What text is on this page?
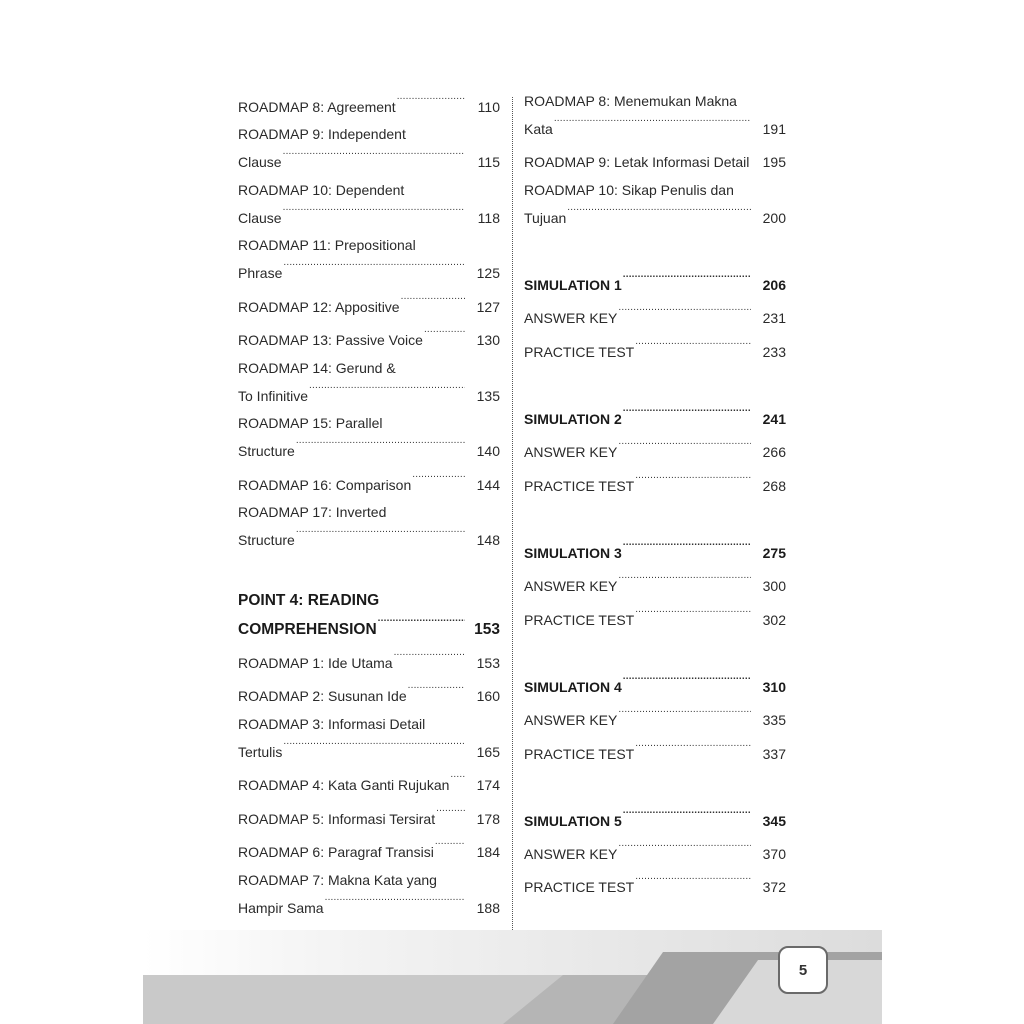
ROADMAP 8: Agreement .....	110
ROADMAP 9: Independent
Clause .....	115
ROADMAP 10: Dependent
Clause .....	118
ROADMAP 11: Prepositional
Phrase .....	125
ROADMAP 12: Appositive .....	127
ROADMAP 13: Passive Voice .....	130
ROADMAP 14: Gerund &
To Infinitive .....	135
ROADMAP 15: Parallel
Structure .....	140
ROADMAP 16: Comparison .....	144
ROADMAP 17: Inverted
Structure .....	148
POINT 4: READING
COMPREHENSION .....	153
ROADMAP 1: Ide Utama .....	153
ROADMAP 2: Susunan Ide .....	160
ROADMAP 3: Informasi Detail
Tertulis .....	165
ROADMAP 4: Kata Ganti Rujukan .....	174
ROADMAP 5: Informasi Tersirat .....	178
ROADMAP 6: Paragraf Transisi .....	184
ROADMAP 7: Makna Kata yang
Hampir Sama .....	188
ROADMAP 8: Menemukan Makna
Kata .....	191
ROADMAP 9: Letak Informasi Detail ..... 195
ROADMAP 10: Sikap Penulis dan
Tujuan .....	200
SIMULATION 1 .....	206
ANSWER KEY .....	231
PRACTICE TEST .....	233
SIMULATION 2 .....	241
ANSWER KEY .....	266
PRACTICE TEST .....	268
SIMULATION 3 .....	275
ANSWER KEY .....	300
PRACTICE TEST .....	302
SIMULATION 4 .....	310
ANSWER KEY .....	335
PRACTICE TEST .....	337
SIMULATION 5 .....	345
ANSWER KEY .....	370
PRACTICE TEST .....	372
5
